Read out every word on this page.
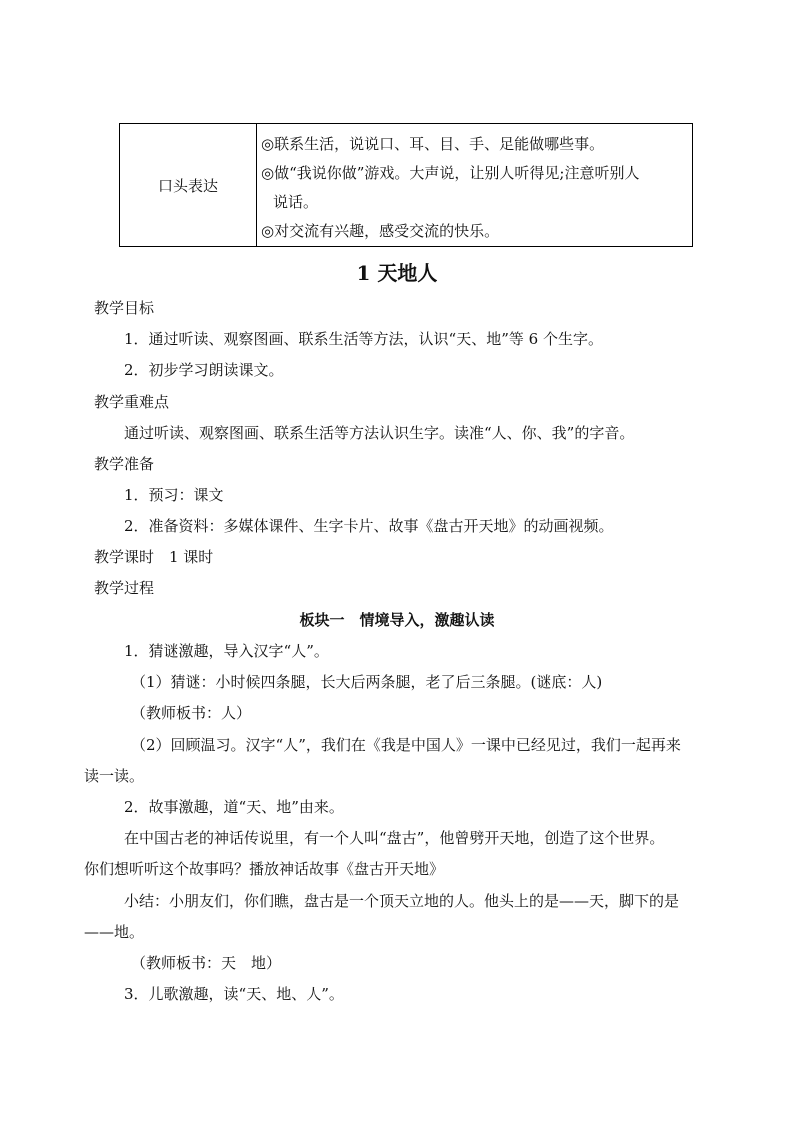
口头表达

◎联系生活，说说口、耳、目、手、足能做哪些事。

◎做“我说你做”游戏。大声说，让别人听得见;注意听别人

说话。

◎对交流有兴趣，感受交流的快乐。

1 天地人
教学目标
1．通过听读、观察图画、联系生活等方法，认识“天、地”等 6 个生字。
2．初步学习朗读课文。
教学重难点
通过听读、观察图画、联系生活等方法认识生字。读准“人、你、我”的字音。
教学准备
1．预习：课文
2．准备资料：多媒体课件、生字卡片、故事《盘古开天地》的动画视频。
教学课时　1 课时
教学过程
板块一　情境导入，激趣认读
1．猜谜激趣，导入汉字“人”。
（1）猜谜：小时候四条腿，长大后两条腿，老了后三条腿。(谜底：人)
（教师板书：人）
（2）回顾温习。汉字“人”，我们在《我是中国人》一课中已经见过，我们一起再来
读一读。
2．故事激趣，道“天、地”由来。
在中国古老的神话传说里，有一个人叫“盘古”，他曾劈开天地，创造了这个世界。
你们想听听这个故事吗？播放神话故事《盘古开天地》
小结：小朋友们，你们瞧，盘古是一个顶天立地的人。他头上的是——天，脚下的是
——地。
（教师板书：天　地）
3．儿歌激趣，读“天、地、人”。
